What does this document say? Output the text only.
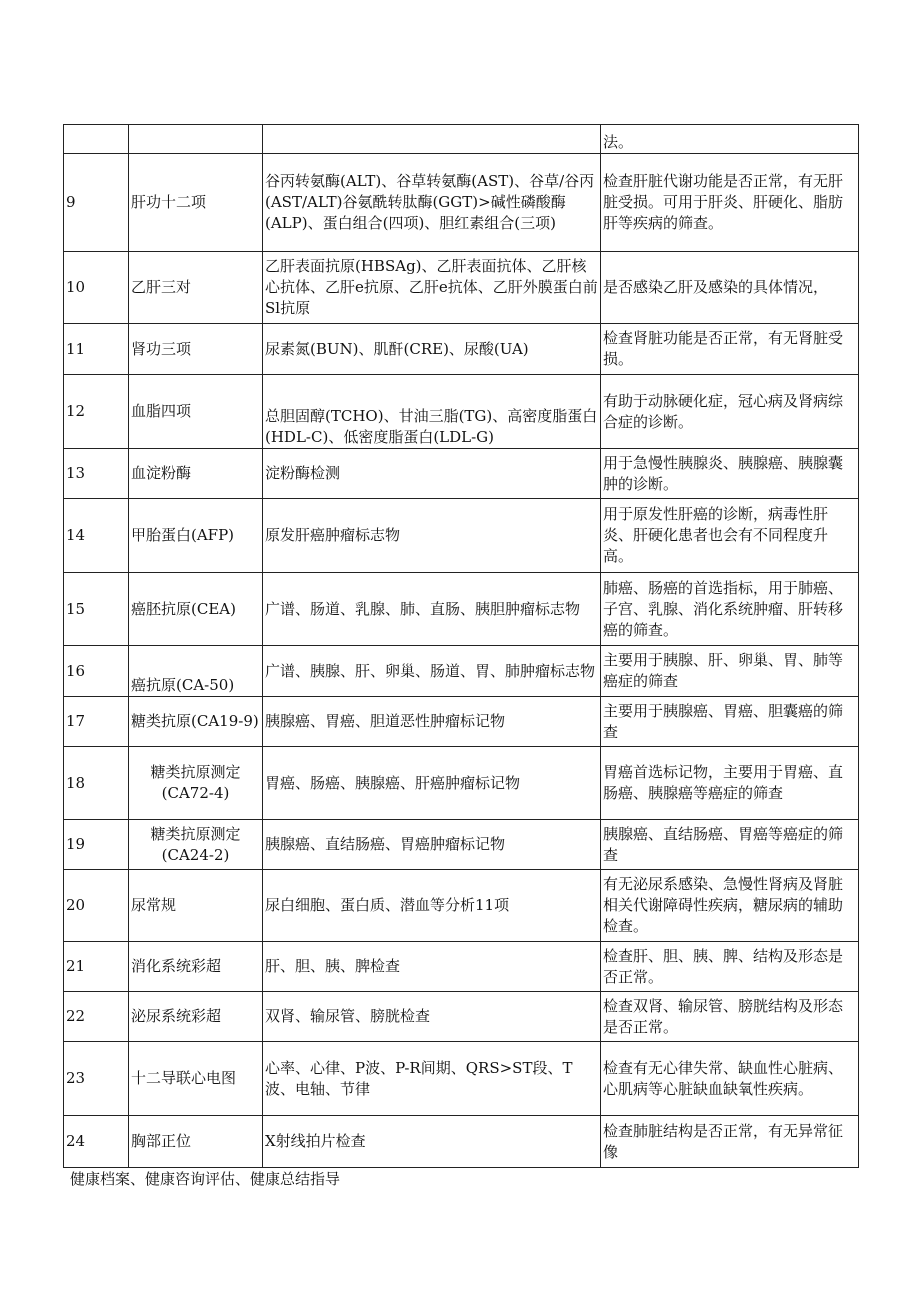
			法。
9	肝功十二项	谷丙转氨酶(ALT)、谷草转氨酶(AST)、谷草/谷丙(AST/ALT)谷氨酰转肽酶(GGT)>碱性磷酸酶(ALP)、蛋白组合(四项)、胆红素组合(三项)	检查肝脏代谢功能是否正常，有无肝脏受损。可用于肝炎、肝硬化、脂肪肝等疾病的筛查。
10	乙肝三对	乙肝表面抗原(HBSAg)、乙肝表面抗体、乙肝核心抗体、乙肝e抗原、乙肝e抗体、乙肝外膜蛋白前Sl抗原	是否感染乙肝及感染的具体情况，
11	肾功三项	尿素氮(BUN)、肌酐(CRE)、尿酸(UA)	检查肾脏功能是否正常，有无肾脏受损。
12	血脂四项	总胆固醇(TCHO)、甘油三脂(TG)、高密度脂蛋白(HDL-C)、低密度脂蛋白(LDL-G)	有助于动脉硬化症，冠心病及肾病综合症的诊断。
13	血淀粉酶	淀粉酶检测	用于急慢性胰腺炎、胰腺癌、胰腺囊肿的诊断。
14	甲胎蛋白(AFP)	原发肝癌肿瘤标志物	用于原发性肝癌的诊断，病毒性肝炎、肝硬化患者也会有不同程度升高。
15	癌胚抗原(CEA)	广谱、肠道、乳腺、肺、直肠、胰胆肿瘤标志物	肺癌、肠癌的首选指标，用于肺癌、子宫、乳腺、消化系统肿瘤、肝转移癌的筛查。
16	癌抗原(CA-50)	广谱、胰腺、肝、卵巢、肠道、胃、肺肿瘤标志物	主要用于胰腺、肝、卵巢、胃、肺等癌症的筛查
17	糖类抗原(CA19-9)	胰腺癌、胃癌、胆道恶性肿瘤标记物	主要用于胰腺癌、胃癌、胆囊癌的筛查
18	糖类抗原测定(CA72-4)	胃癌、肠癌、胰腺癌、肝癌肿瘤标记物	胃癌首选标记物，主要用于胃癌、直肠癌、胰腺癌等癌症的筛查
19	糖类抗原测定(CA24-2)	胰腺癌、直结肠癌、胃癌肿瘤标记物	胰腺癌、直结肠癌、胃癌等癌症的筛查
20	尿常规	尿白细胞、蛋白质、潜血等分析11项	有无泌尿系感染、急慢性肾病及肾脏相关代谢障碍性疾病，糖尿病的辅助检查。
21	消化系统彩超	肝、胆、胰、脾检查	检查肝、胆、胰、脾、结构及形态是否正常。
22	泌尿系统彩超	双肾、输尿管、膀胱检查	检查双肾、输尿管、膀胱结构及形态是否正常。
23	十二导联心电图	心率、心律、P波、P-R间期、QRS>ST段、T波、电轴、节律	检查有无心律失常、缺血性心脏病、心肌病等心脏缺血缺氧性疾病。
24	胸部正位	X射线拍片检查	检查肺脏结构是否正常，有无异常征像
健康档案、健康咨询评估、健康总结指导
